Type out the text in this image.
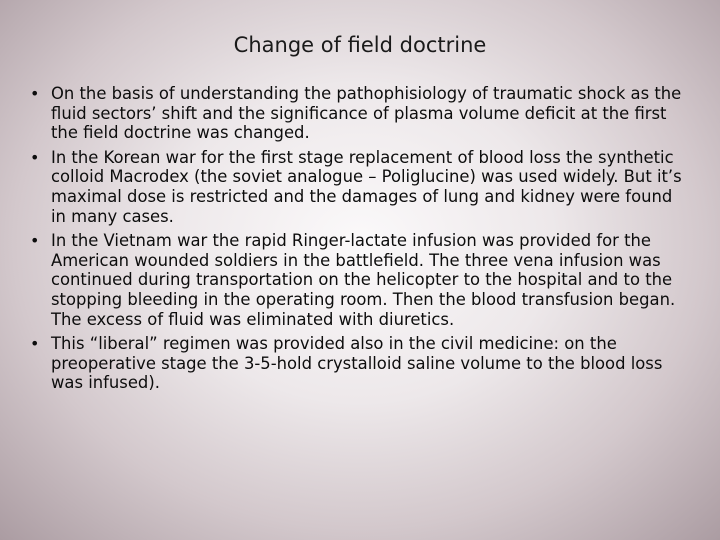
Change of field doctrine
• On the basis of understanding the pathophisiology of traumatic shock as the fluid sectors’ shift and the significance of plasma volume deficit at the first the field doctrine was changed.
• In the Korean war for the first stage replacement of blood loss the synthetic colloid Macrodex (the soviet analogue – Poliglucine) was used widely. But it’s maximal dose is restricted and the damages of lung and kidney were found in many cases.
• In the Vietnam war the rapid Ringer-lactate infusion was provided for the American wounded soldiers in the battlefield. The three vena infusion was continued during transportation on the helicopter to the hospital and to the stopping bleeding in the operating room. Then the blood transfusion began. The excess of fluid was eliminated with diuretics.
• This “liberal” regimen was provided also in the civil medicine: on the preoperative stage the 3-5-hold crystalloid saline volume to the blood loss was infused).
